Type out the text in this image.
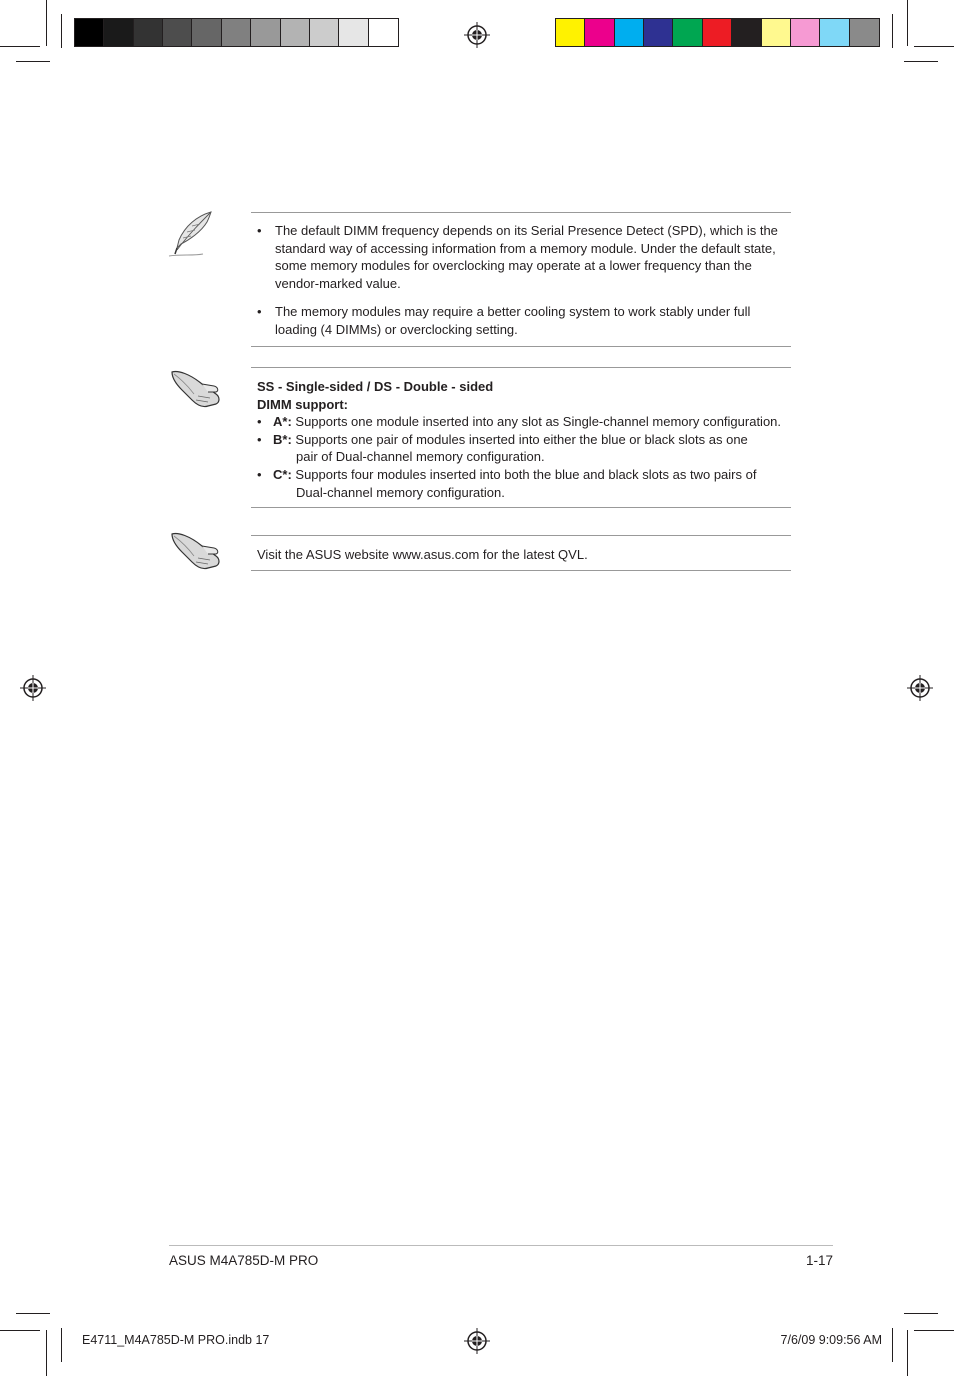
• The default DIMM frequency depends on its Serial Presence Detect (SPD), which is the standard way of accessing information from a memory module. Under the default state, some memory modules for overclocking may operate at a lower frequency than the vendor-marked value.
• The memory modules may require a better cooling system to work stably under full loading (4 DIMMs) or overclocking setting.
SS - Single-sided / DS - Double - sided
DIMM support:
• A*: Supports one module inserted into any slot as Single-channel memory configuration.
• B*: Supports one pair of modules inserted into either the blue or black slots as one
pair of Dual-channel memory configuration.
• C*: Supports four modules inserted into both the blue and black slots as two pairs of
Dual-channel memory configuration.
Visit the ASUS website www.asus.com for the latest QVL.
ASUS M4A785D-M PRO	1-17
E4711_M4A785D-M PRO.indb 17	7/6/09 9:09:56 AM
